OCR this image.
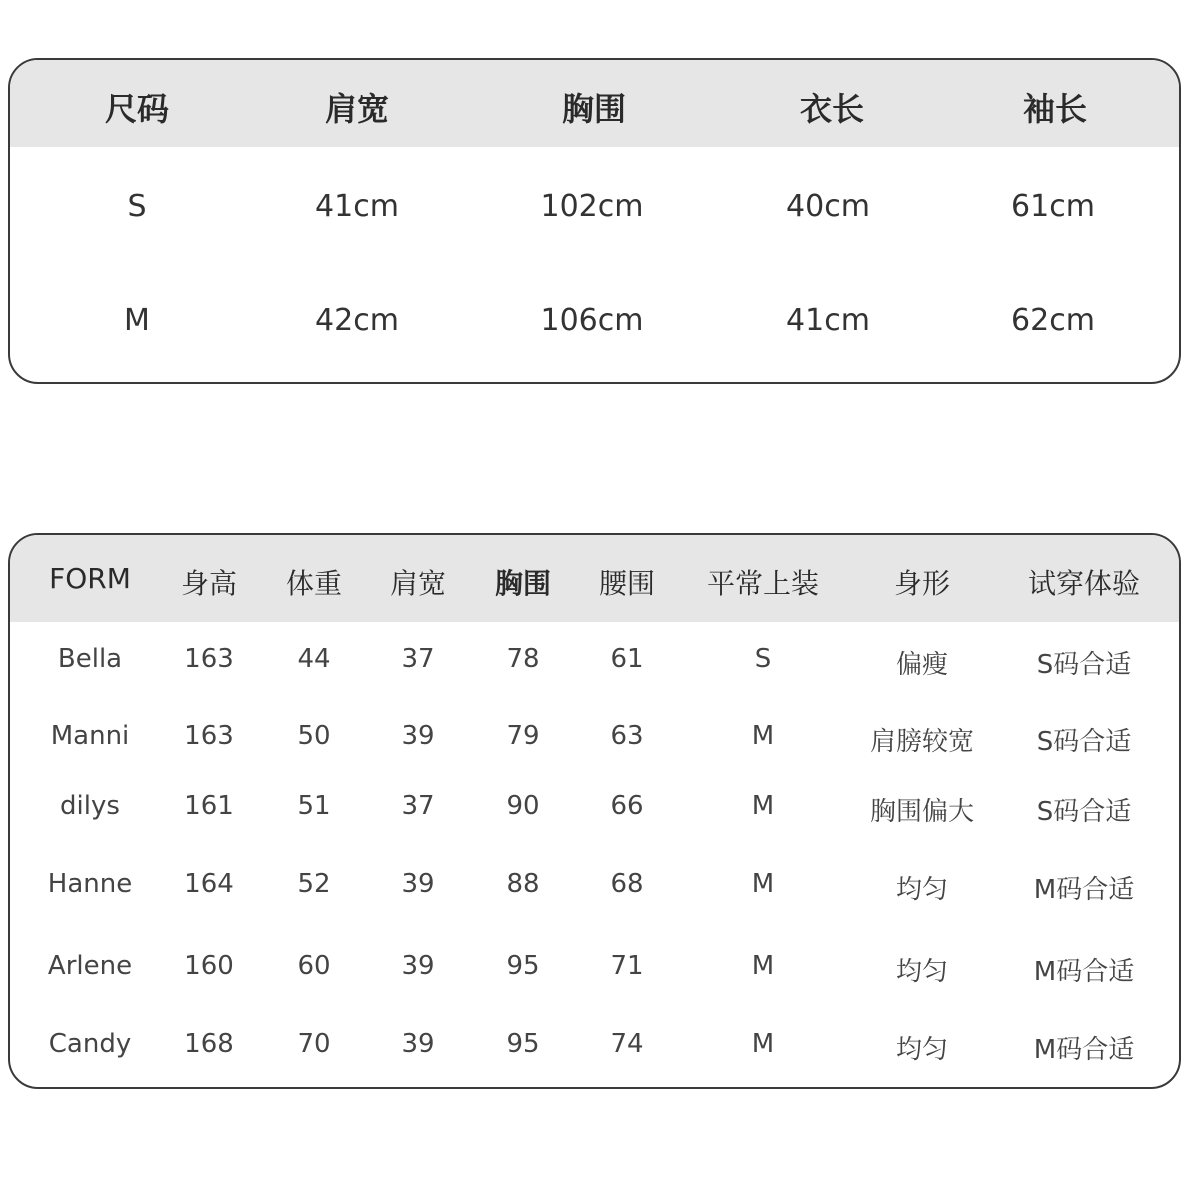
尺码	肩宽	胸围	衣长	袖长
S	41cm	102cm	40cm	61cm
M	42cm	106cm	41cm	62cm
FORM 身高 体重 肩宽 胸围 腰围 平常上装	身形	试穿体验
Bella 163 44	37	78	61	S	偏瘦	S码合适
Manni 163 50	39	79	63	M	肩膀较宽 S码合适
dilys 161 51	37	90	66	M	胸围偏大 S码合适
Hanne 164 52	39	88	68	M	均匀	M码合适
Arlene 160 60	39	95	71	M	均匀	M码合适
Candy 168 70	39	95	74	M	均匀	M码合适
